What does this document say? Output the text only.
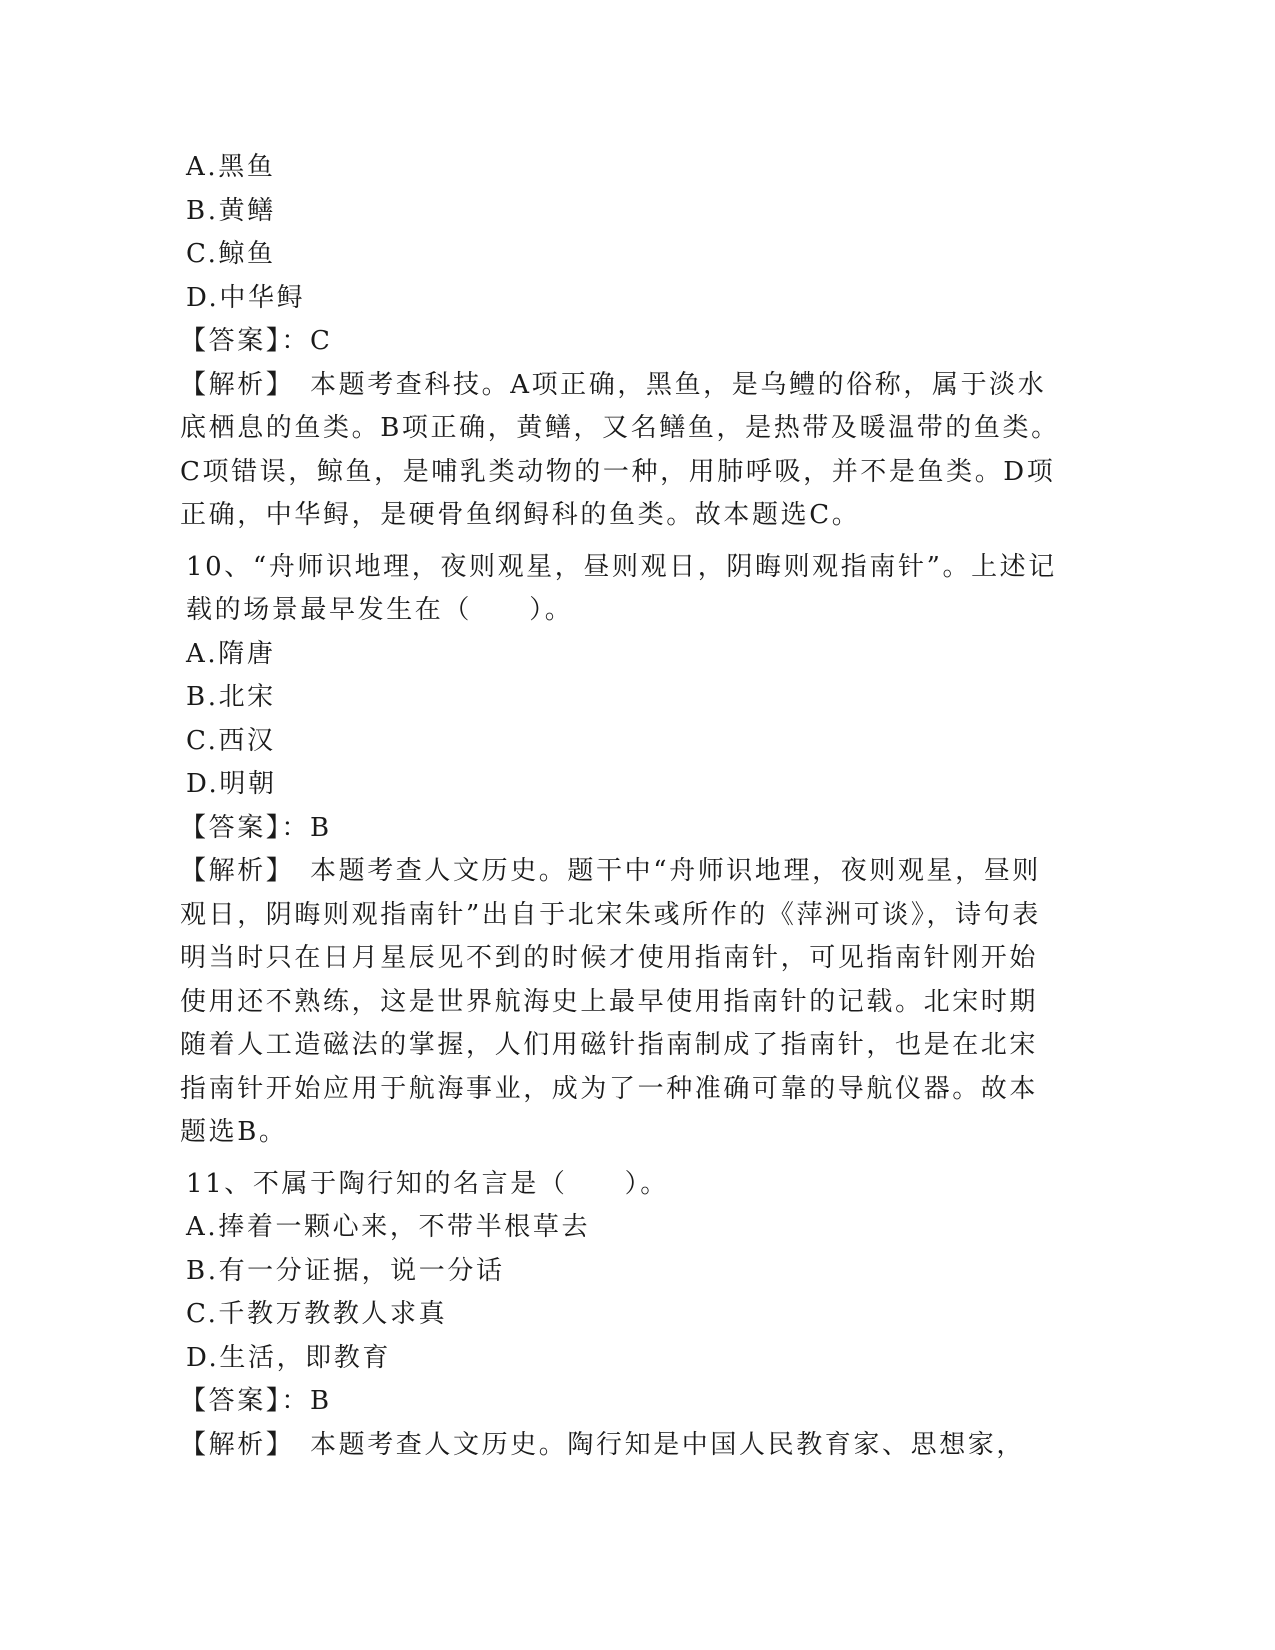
A.黑鱼
B.黄鳝
C.鲸鱼
D.中华鲟
【答案】：C
【解析】　本题考查科技。A项正确，黑鱼，是乌鳢的俗称，属于淡水底栖息的鱼类。B项正确，黄鳝，又名鳝鱼，是热带及暖温带的鱼类。C项错误，鲸鱼，是哺乳类动物的一种，用肺呼吸，并不是鱼类。D项正确，中华鲟，是硬骨鱼纲鲟科的鱼类。故本题选C。
10、“舟师识地理，夜则观星，昼则观日，阴晦则观指南针”。上述记载的场景最早发生在（　　）。
A.隋唐
B.北宋
C.西汉
D.明朝
【答案】：B
【解析】　本题考查人文历史。题干中“舟师识地理，夜则观星，昼则观日，阴晦则观指南针”出自于北宋朱彧所作的《萍洲可谈》，诗句表明当时只在日月星辰见不到的时候才使用指南针，可见指南针刚开始使用还不熟练，这是世界航海史上最早使用指南针的记载。北宋时期随着人工造磁法的掌握，人们用磁针指南制成了指南针，也是在北宋指南针开始应用于航海事业，成为了一种准确可靠的导航仪器。故本题选B。
11、不属于陶行知的名言是（　　）。
A.捧着一颗心来，不带半根草去
B.有一分证据，说一分话
C.千教万教教人求真
D.生活，即教育
【答案】：B
【解析】　本题考查人文历史。陶行知是中国人民教育家、思想家，
